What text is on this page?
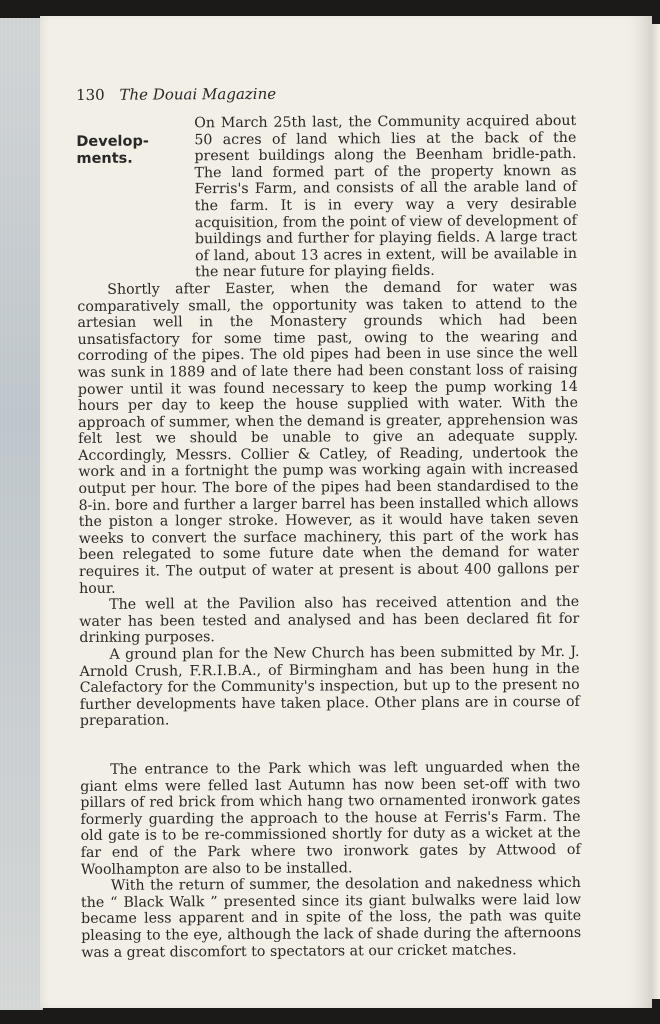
130 The Douai Magazine
Develop-
ments.
On March 25th last, the Community acquired about 50 acres of land which lies at the back of the present buildings along the Beenham bridle-path. The land formed part of the property known as Ferris's Farm, and consists of all the arable land of the farm. It is in every way a very desirable acquisition, from the point of view of development of buildings and further for playing fields. A large tract of land, about 13 acres in extent, will be available in the near future for playing fields.

Shortly after Easter, when the demand for water was comparatively small, the opportunity was taken to attend to the artesian well in the Monastery grounds which had been unsatisfactory for some time past, owing to the wearing and corroding of the pipes. The old pipes had been in use since the well was sunk in 1889 and of late there had been constant loss of raising power until it was found necessary to keep the pump working 14 hours per day to keep the house supplied with water. With the approach of summer, when the demand is greater, apprehension was felt lest we should be unable to give an adequate supply. Accordingly, Messrs. Collier & Catley, of Reading, undertook the work and in a fortnight the pump was working again with increased output per hour. The bore of the pipes had been standardised to the 8-in. bore and further a larger barrel has been installed which allows the piston a longer stroke. However, as it would have taken seven weeks to convert the surface machinery, this part of the work has been relegated to some future date when the demand for water requires it. The output of water at present is about 400 gallons per hour.

The well at the Pavilion also has received attention and the water has been tested and analysed and has been declared fit for drinking purposes.

A ground plan for the New Church has been submitted by Mr. J. Arnold Crush, F.R.I.B.A., of Birmingham and has been hung in the Calefactory for the Community's inspection, but up to the present no further developments have taken place. Other plans are in course of preparation.

The entrance to the Park which was left unguarded when the giant elms were felled last Autumn has now been set-off with two pillars of red brick from which hang two ornamented ironwork gates formerly guarding the approach to the house at Ferris's Farm. The old gate is to be re-commissioned shortly for duty as a wicket at the far end of the Park where two ironwork gates by Attwood of Woolhampton are also to be installed.

With the return of summer, the desolation and nakedness which the “ Black Walk ” presented since its giant bulwalks were laid low became less apparent and in spite of the loss, the path was quite pleasing to the eye, although the lack of shade during the afternoons was a great discomfort to spectators at our cricket matches.
